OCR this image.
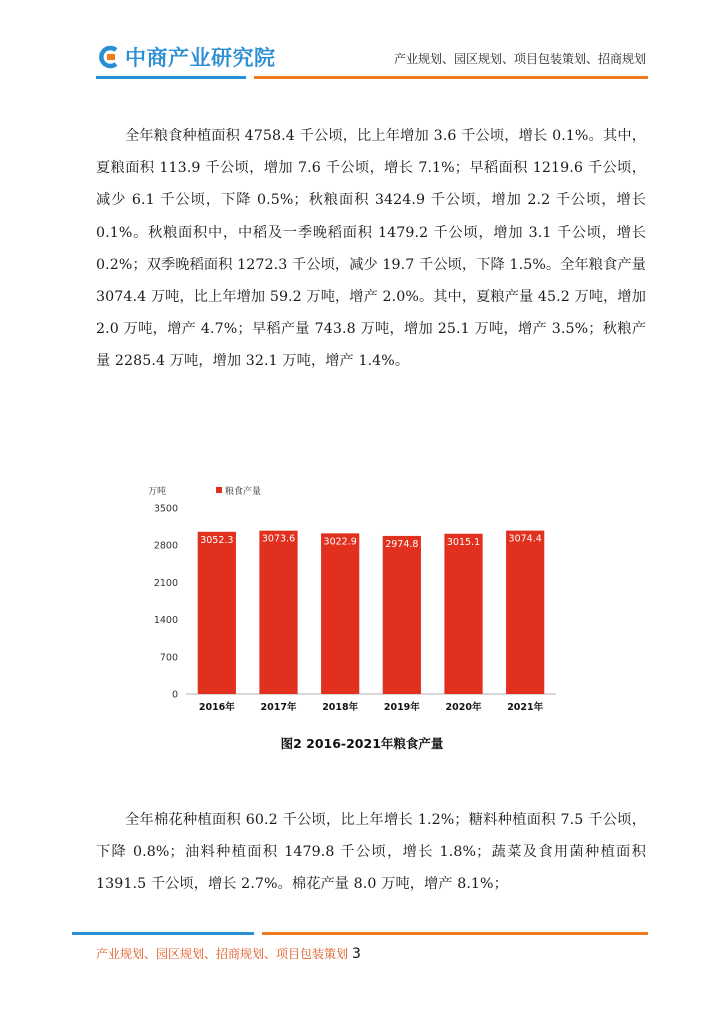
中商产业研究院	产业规划、园区规划、项目包装策划、招商规划

全年粮食种植面积 4758.4 千公顷，比上年增加 3.6 千公顷，增长 0.1%。其中，夏粮面积 113.9 千公顷，增加 7.6 千公顷，增长 7.1%；早稻面积 1219.6 千公顷，减少 6.1 千公顷，下降 0.5%；秋粮面积 3424.9 千公顷，增加 2.2 千公顷，增长 0.1%。秋粮面积中，中稻及一季晚稻面积 1479.2 千公顷，增加 3.1 千公顷，增长 0.2%；双季晚稻面积 1272.3 千公顷，减少 19.7 千公顷，下降 1.5%。全年粮食产量 3074.4 万吨，比上年增加 59.2 万吨，增产 2.0%。其中，夏粮产量 45.2 万吨，增加 2.0 万吨，增产 4.7%；早稻产量 743.8 万吨，增加 25.1 万吨，增产 3.5%；秋粮产量 2285.4 万吨，增加 32.1 万吨，增产 1.4%。

万吨	粮食产量
0
700
1400
2100
2800
3500
3052.3
2016年
3073.6
2017年
3022.9
2018年
2974.8
2019年
3015.1
2020年
3074.4
2021年
图2 2016-2021年粮食产量

全年棉花种植面积 60.2 千公顷，比上年增长 1.2%；糖料种植面积 7.5 千公顷，下降 0.8%；油料种植面积 1479.8 千公顷，增长 1.8%；蔬菜及食用菌种植面积 1391.5 千公顷，增长 2.7%。棉花产量 8.0 万吨，增产 8.1%；

产业规划、园区规划、招商规划、项目包装策划 3
